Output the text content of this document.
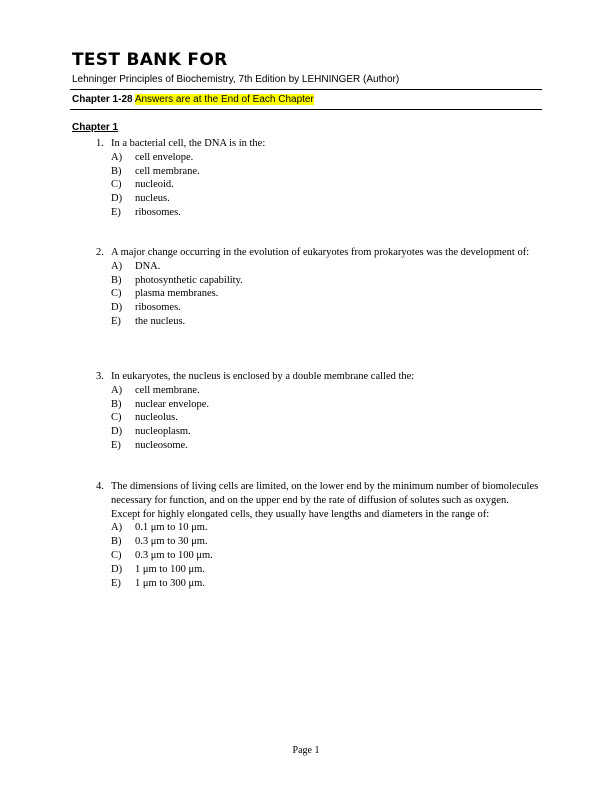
TEST BANK FOR
Lehninger Principles of Biochemistry, 7th Edition by LEHNINGER (Author)
Chapter 1-28 Answers are at the End of Each Chapter
Chapter 1
1. In a bacterial cell, the DNA is in the:
A) cell envelope.
B) cell membrane.
C) nucleoid.
D) nucleus.
E) ribosomes.
2. A major change occurring in the evolution of eukaryotes from prokaryotes was the development of:
A) DNA.
B) photosynthetic capability.
C) plasma membranes.
D) ribosomes.
E) the nucleus.
3. In eukaryotes, the nucleus is enclosed by a double membrane called the:
A) cell membrane.
B) nuclear envelope.
C) nucleolus.
D) nucleoplasm.
E) nucleosome.
4. The dimensions of living cells are limited, on the lower end by the minimum number of biomolecules necessary for function, and on the upper end by the rate of diffusion of solutes such as oxygen. Except for highly elongated cells, they usually have lengths and diameters in the range of:
A) 0.1 μm to 10 μm.
B) 0.3 μm to 30 μm.
C) 0.3 μm to 100 μm.
D) 1 μm to 100 μm.
E) 1 μm to 300 μm.
Page 1
